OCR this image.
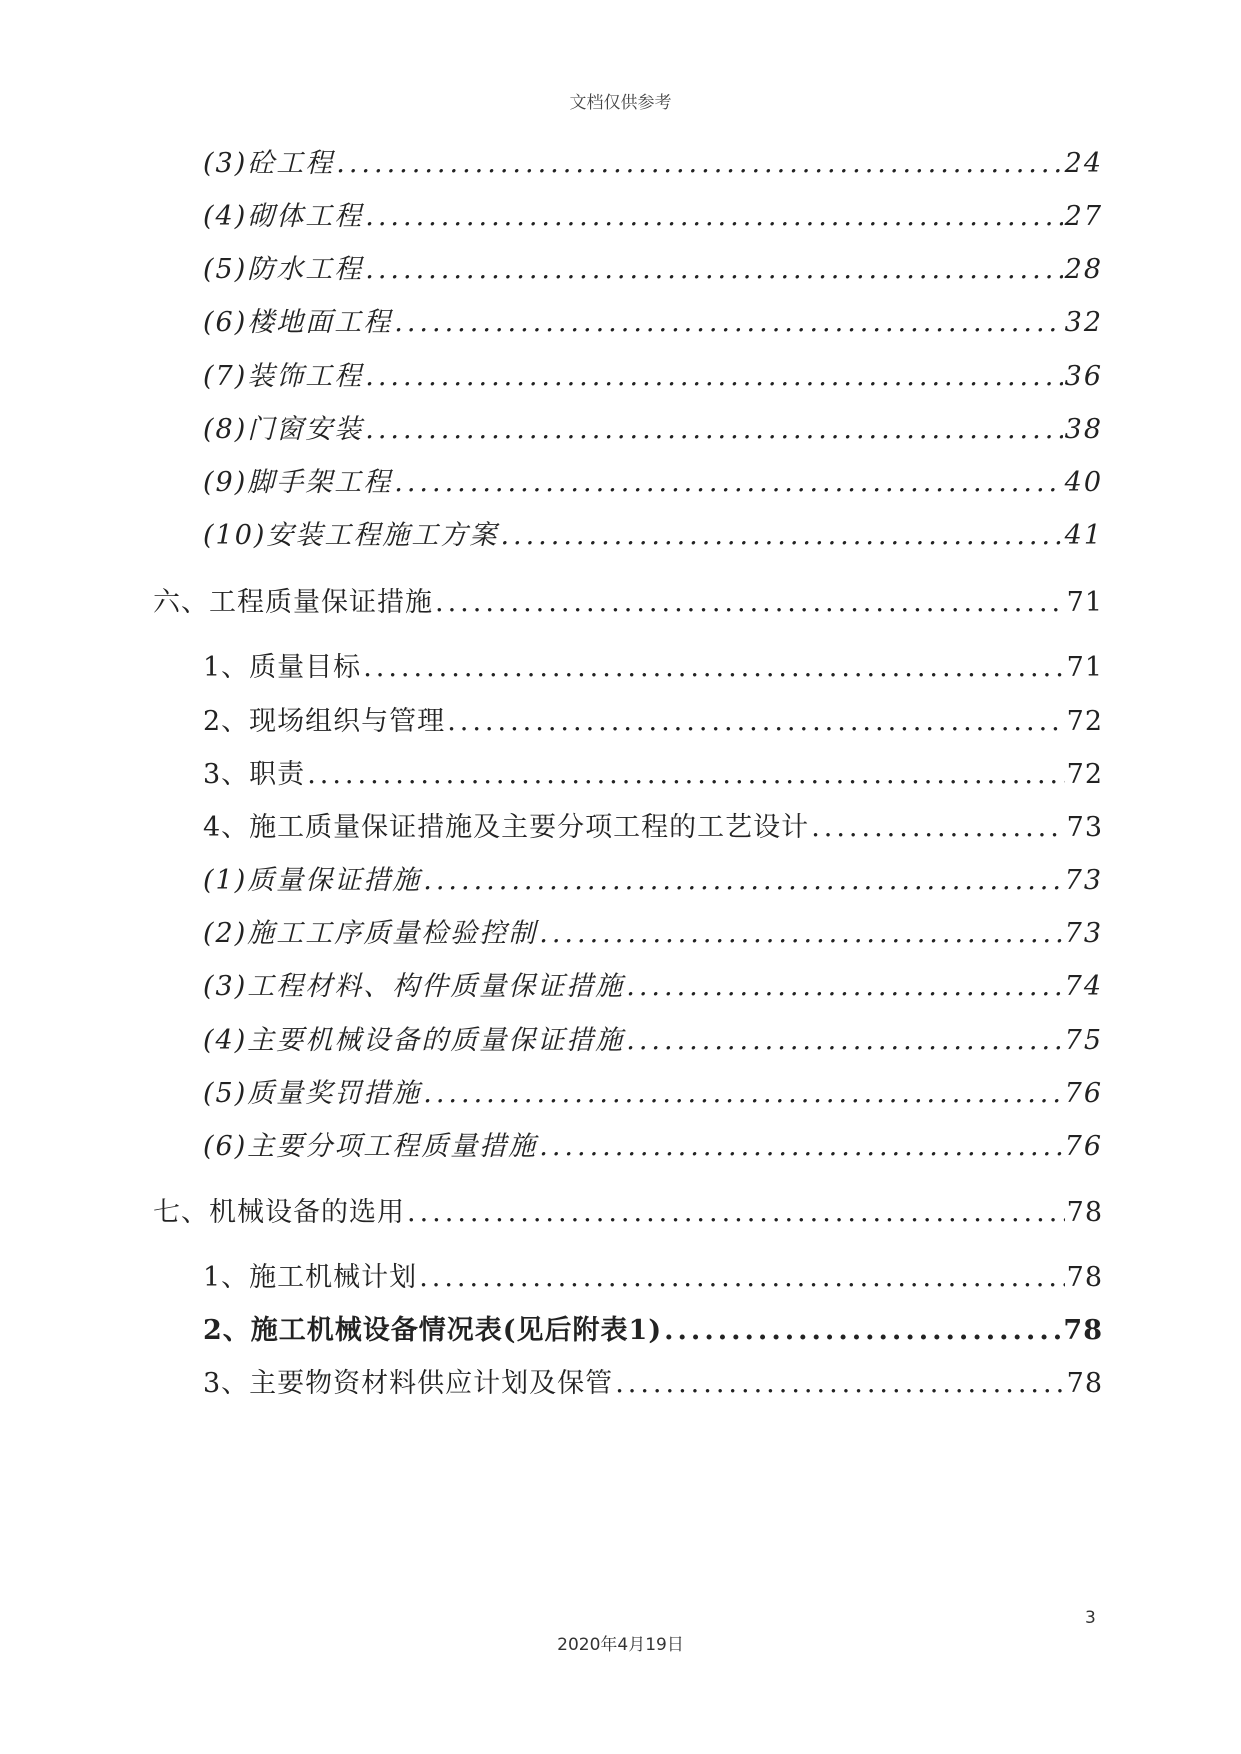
文档仅供参考
(3)砼工程 .....	24
(4)砌体工程 .....	27
(5)防水工程 .....	28
(6)楼地面工程 .....	32
(7)装饰工程 .....	36
(8)门窗安装 .....	38
(9)脚手架工程 .....	40
(10)安装工程施工方案 .....	41
六、工程质量保证措施 .....	71
1、质量目标 .....	71
2、现场组织与管理 .....	72
3、职责 .....	72
4、施工质量保证措施及主要分项工程的工艺设计 .....	73
(1)质量保证措施 .....	73
(2)施工工序质量检验控制 .....	73
(3)工程材料、构件质量保证措施 .....	74
(4)主要机械设备的质量保证措施 .....	75
(5)质量奖罚措施 .....	76
(6)主要分项工程质量措施 .....	76
七、机械设备的选用 .....	78
1、施工机械计划 .....	78
2、施工机械设备情况表(见后附表1) .....	78
3、主要物资材料供应计划及保管 .....	78
3
2020年4月19日
